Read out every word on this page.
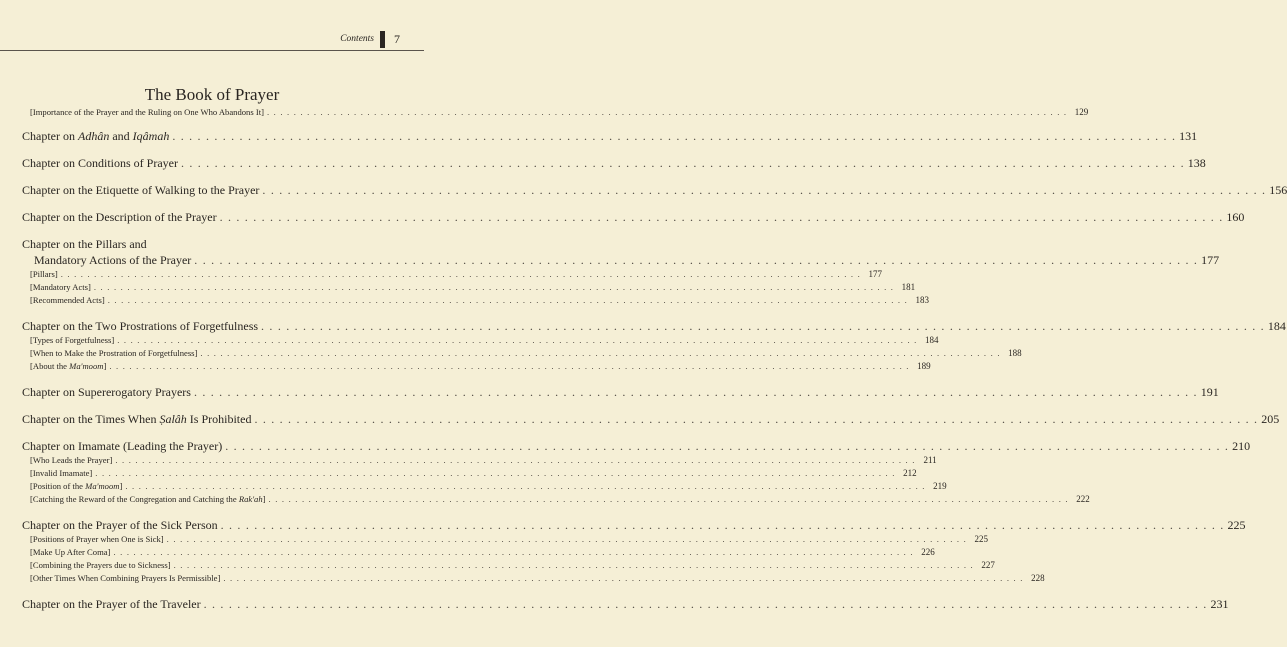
Contents 7
The Book of Prayer
[Importance of the Prayer and the Ruling on One Who Abandons It] . . . . . . . . . . . . . . . . . . . . . . . . . . . . . . . . . . . . . . . . . . . . . . . . . . . . . . . . . . . . . . . . . . . . . . . . . . . . . . . . . . . . . . . . . . . . . . . . . . . . . . . . . . . . . . . . . . . . . . . . 129
Chapter on Adhân and Iqâmah . . . . . . . . . . . . . . . . . . . . . . . . . . . . . . . . . . . . . . . . . . . . . . . . . . . . . . . . . . . . . . . . . . . . . . . . . . . . . . . . . . . . . . . . . . . . . . . . . . . . . . . . . . . . . . . . . . . . . . . . 131
Chapter on Conditions of Prayer . . . . . . . . . . . . . . . . . . . . . . . . . . . . . . . . . . . . . . . . . . . . . . . . . . . . . . . . . . . . . . . . . . . . . . . . . . . . . . . . . . . . . . . . . . . . . . . . . . . . . . . . . . . . . . . . . . . . . . . . 138
Chapter on the Etiquette of Walking to the Prayer . . . . . . . . . . . . . . . . . . . . . . . . . . . . . . . . . . . . . . . . . . . . . . . . . . . . . . . . . . . . . . . . . . . . . . . . . . . . . . . . . . . . . . . . . . . . . . . . . . . . . . . . . . . . . . . . . . . . . . . . 156
Chapter on the Description of the Prayer . . . . . . . . . . . . . . . . . . . . . . . . . . . . . . . . . . . . . . . . . . . . . . . . . . . . . . . . . . . . . . . . . . . . . . . . . . . . . . . . . . . . . . . . . . . . . . . . . . . . . . . . . . . . . . . . . . . . . . . . 160
Chapter on the Pillars and
Mandatory Actions of the Prayer . . . . . . . . . . . . . . . . . . . . . . . . . . . . . . . . . . . . . . . . . . . . . . . . . . . . . . . . . . . . . . . . . . . . . . . . . . . . . . . . . . . . . . . . . . . . . . . . . . . . . . . . . . . . . . . . . . . . . . . . 177
[Pillars] . . . . . . . . . . . . . . . . . . . . . . . . . . . . . . . . . . . . . . . . . . . . . . . . . . . . . . . . . . . . . . . . . . . . . . . . . . . . . . . . . . . . . . . . . . . . . . . . . . . . . . . . . . . . . . . . . . . . . . . . 177
[Mandatory Acts] . . . . . . . . . . . . . . . . . . . . . . . . . . . . . . . . . . . . . . . . . . . . . . . . . . . . . . . . . . . . . . . . . . . . . . . . . . . . . . . . . . . . . . . . . . . . . . . . . . . . . . . . . . . . . . . . . . . . . . . . 181
[Recommended Acts] . . . . . . . . . . . . . . . . . . . . . . . . . . . . . . . . . . . . . . . . . . . . . . . . . . . . . . . . . . . . . . . . . . . . . . . . . . . . . . . . . . . . . . . . . . . . . . . . . . . . . . . . . . . . . . . . . . . . . . . . 183
Chapter on the Two Prostrations of Forgetfulness . . . . . . . . . . . . . . . . . . . . . . . . . . . . . . . . . . . . . . . . . . . . . . . . . . . . . . . . . . . . . . . . . . . . . . . . . . . . . . . . . . . . . . . . . . . . . . . . . . . . . . . . . . . . . . . . . . . . . . . . 184
[Types of Forgetfulness] . . . . . . . . . . . . . . . . . . . . . . . . . . . . . . . . . . . . . . . . . . . . . . . . . . . . . . . . . . . . . . . . . . . . . . . . . . . . . . . . . . . . . . . . . . . . . . . . . . . . . . . . . . . . . . . . . . . . . . . . 184
[When to Make the Prostration of Forgetfulness] . . . . . . . . . . . . . . . . . . . . . . . . . . . . . . . . . . . . . . . . . . . . . . . . . . . . . . . . . . . . . . . . . . . . . . . . . . . . . . . . . . . . . . . . . . . . . . . . . . . . . . . . . . . . . . . . . . . . . . . . 188
[About the Ma'moom] . . . . . . . . . . . . . . . . . . . . . . . . . . . . . . . . . . . . . . . . . . . . . . . . . . . . . . . . . . . . . . . . . . . . . . . . . . . . . . . . . . . . . . . . . . . . . . . . . . . . . . . . . . . . . . . . . . . . . . . . 189
Chapter on Supererogatory Prayers . . . . . . . . . . . . . . . . . . . . . . . . . . . . . . . . . . . . . . . . . . . . . . . . . . . . . . . . . . . . . . . . . . . . . . . . . . . . . . . . . . . . . . . . . . . . . . . . . . . . . . . . . . . . . . . . . . . . . . . . 191
Chapter on the Times When Ṣalâh Is Prohibited . . . . . . . . . . . . . . . . . . . . . . . . . . . . . . . . . . . . . . . . . . . . . . . . . . . . . . . . . . . . . . . . . . . . . . . . . . . . . . . . . . . . . . . . . . . . . . . . . . . . . . . . . . . . . . . . . . . . . . . . 205
Chapter on Imamate (Leading the Prayer) . . . . . . . . . . . . . . . . . . . . . . . . . . . . . . . . . . . . . . . . . . . . . . . . . . . . . . . . . . . . . . . . . . . . . . . . . . . . . . . . . . . . . . . . . . . . . . . . . . . . . . . . . . . . . . . . . . . . . . . . 210
[Who Leads the Prayer] . . . . . . . . . . . . . . . . . . . . . . . . . . . . . . . . . . . . . . . . . . . . . . . . . . . . . . . . . . . . . . . . . . . . . . . . . . . . . . . . . . . . . . . . . . . . . . . . . . . . . . . . . . . . . . . . . . . . . . . . 211
[Invalid Imamate] . . . . . . . . . . . . . . . . . . . . . . . . . . . . . . . . . . . . . . . . . . . . . . . . . . . . . . . . . . . . . . . . . . . . . . . . . . . . . . . . . . . . . . . . . . . . . . . . . . . . . . . . . . . . . . . . . . . . . . . . 212
[Position of the Ma'moom] . . . . . . . . . . . . . . . . . . . . . . . . . . . . . . . . . . . . . . . . . . . . . . . . . . . . . . . . . . . . . . . . . . . . . . . . . . . . . . . . . . . . . . . . . . . . . . . . . . . . . . . . . . . . . . . . . . . . . . . . 219
[Catching the Reward of the Congregation and Catching the Rak'ah] . . . . . . . . . . . . . . . . . . . . . . . . . . . . . . . . . . . . . . . . . . . . . . . . . . . . . . . . . . . . . . . . . . . . . . . . . . . . . . . . . . . . . . . . . . . . . . . . . . . . . . . . . . . . . . . . . . . . . . . . 222
Chapter on the Prayer of the Sick Person . . . . . . . . . . . . . . . . . . . . . . . . . . . . . . . . . . . . . . . . . . . . . . . . . . . . . . . . . . . . . . . . . . . . . . . . . . . . . . . . . . . . . . . . . . . . . . . . . . . . . . . . . . . . . . . . . . . . . . . . 225
[Positions of Prayer when One is Sick] . . . . . . . . . . . . . . . . . . . . . . . . . . . . . . . . . . . . . . . . . . . . . . . . . . . . . . . . . . . . . . . . . . . . . . . . . . . . . . . . . . . . . . . . . . . . . . . . . . . . . . . . . . . . . . . . . . . . . . . . 225
[Make Up After Coma] . . . . . . . . . . . . . . . . . . . . . . . . . . . . . . . . . . . . . . . . . . . . . . . . . . . . . . . . . . . . . . . . . . . . . . . . . . . . . . . . . . . . . . . . . . . . . . . . . . . . . . . . . . . . . . . . . . . . . . . . 226
[Combining the Prayers due to Sickness] . . . . . . . . . . . . . . . . . . . . . . . . . . . . . . . . . . . . . . . . . . . . . . . . . . . . . . . . . . . . . . . . . . . . . . . . . . . . . . . . . . . . . . . . . . . . . . . . . . . . . . . . . . . . . . . . . . . . . . . . 227
[Other Times When Combining Prayers Is Permissible] . . . . . . . . . . . . . . . . . . . . . . . . . . . . . . . . . . . . . . . . . . . . . . . . . . . . . . . . . . . . . . . . . . . . . . . . . . . . . . . . . . . . . . . . . . . . . . . . . . . . . . . . . . . . . . . . . . . . . . . . 228
Chapter on the Prayer of the Traveler . . . . . . . . . . . . . . . . . . . . . . . . . . . . . . . . . . . . . . . . . . . . . . . . . . . . . . . . . . . . . . . . . . . . . . . . . . . . . . . . . . . . . . . . . . . . . . . . . . . . . . . . . . . . . . . . . . . . . . . . 231
